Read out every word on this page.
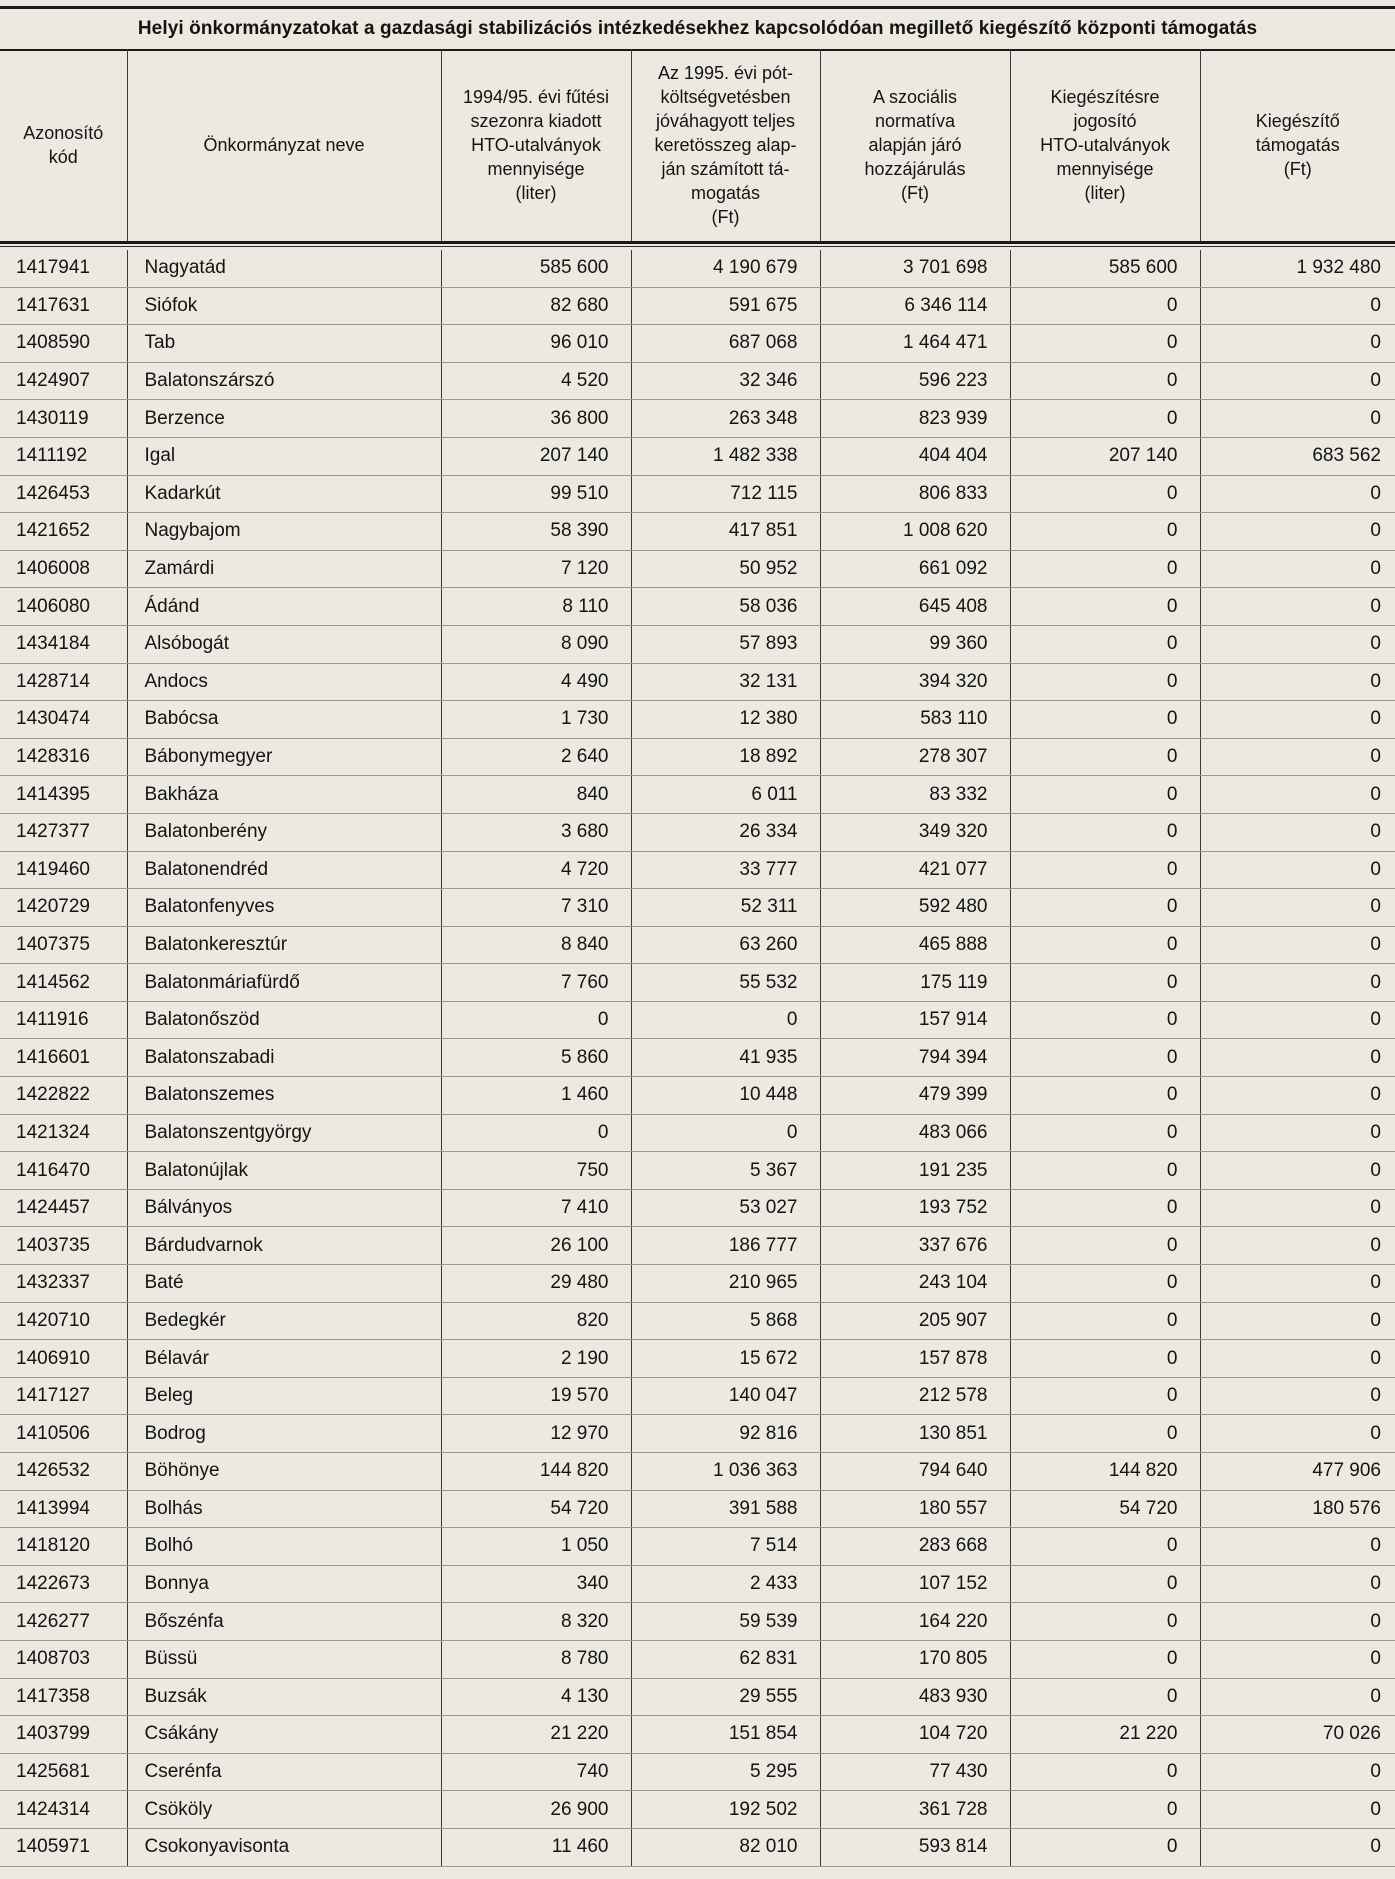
Helyi önkormányzatokat a gazdasági stabilizációs intézkedésekhez kapcsolódóan megillető kiegészítő központi támogatás
Azonosító
kód

Önkormányzat neve

1994/95. évi fűtési
szezonra kiadott
HTO-utalványok
mennyisége
(liter)

Az 1995. évi pót-
költségvetésben
jóváhagyott teljes
keretösszeg alap-
ján számított tá-
mogatás
(Ft)

A szociális
normatíva
alapján járó
hozzájárulás
(Ft)

Kiegészítésre
jogosító
HTO-utalványok
mennyisége
(liter)

Kiegészítő
támogatás
(Ft)
1417941	Nagyatád	585 600	4 190 679	3 701 698	585 600	1 932 480
1417631	Siófok	82 680	591 675	6 346 114	0	0
1408590	Tab	96 010	687 068	1 464 471	0	0
1424907	Balatonszárszó	4 520	32 346	596 223	0	0
1430119	Berzence	36 800	263 348	823 939	0	0
1411192	Igal	207 140	1 482 338	404 404	207 140	683 562
1426453	Kadarkút	99 510	712 115	806 833	0	0
1421652	Nagybajom	58 390	417 851	1 008 620	0	0
1406008	Zamárdi	7 120	50 952	661 092	0	0
1406080	Ádánd	8 110	58 036	645 408	0	0
1434184	Alsóbogát	8 090	57 893	99 360	0	0
1428714	Andocs	4 490	32 131	394 320	0	0
1430474	Babócsa	1 730	12 380	583 110	0	0
1428316	Bábonymegyer	2 640	18 892	278 307	0	0
1414395	Bakháza	840	6 011	83 332	0	0
1427377	Balatonberény	3 680	26 334	349 320	0	0
1419460	Balatonendréd	4 720	33 777	421 077	0	0
1420729	Balatonfenyves	7 310	52 311	592 480	0	0
1407375	Balatonkeresztúr	8 840	63 260	465 888	0	0
1414562	Balatonmáriafürdő	7 760	55 532	175 119	0	0
1411916	Balatonőszöd	0	0	157 914	0	0
1416601	Balatonszabadi	5 860	41 935	794 394	0	0
1422822	Balatonszemes	1 460	10 448	479 399	0	0
1421324	Balatonszentgyörgy	0	0	483 066	0	0
1416470	Balatonújlak	750	5 367	191 235	0	0
1424457	Bálványos	7 410	53 027	193 752	0	0
1403735	Bárdudvarnok	26 100	186 777	337 676	0	0
1432337	Baté	29 480	210 965	243 104	0	0
1420710	Bedegkér	820	5 868	205 907	0	0
1406910	Bélavár	2 190	15 672	157 878	0	0
1417127	Beleg	19 570	140 047	212 578	0	0
1410506	Bodrog	12 970	92 816	130 851	0	0
1426532	Böhönye	144 820	1 036 363	794 640	144 820	477 906
1413994	Bolhás	54 720	391 588	180 557	54 720	180 576
1418120	Bolhó	1 050	7 514	283 668	0	0
1422673	Bonnya	340	2 433	107 152	0	0
1426277	Bőszénfa	8 320	59 539	164 220	0	0
1408703	Büssü	8 780	62 831	170 805	0	0
1417358	Buzsák	4 130	29 555	483 930	0	0
1403799	Csákány	21 220	151 854	104 720	21 220	70 026
1425681	Cserénfa	740	5 295	77 430	0	0
1424314	Csököly	26 900	192 502	361 728	0	0
1405971	Csokonyavisonta	11 460	82 010	593 814	0	0
